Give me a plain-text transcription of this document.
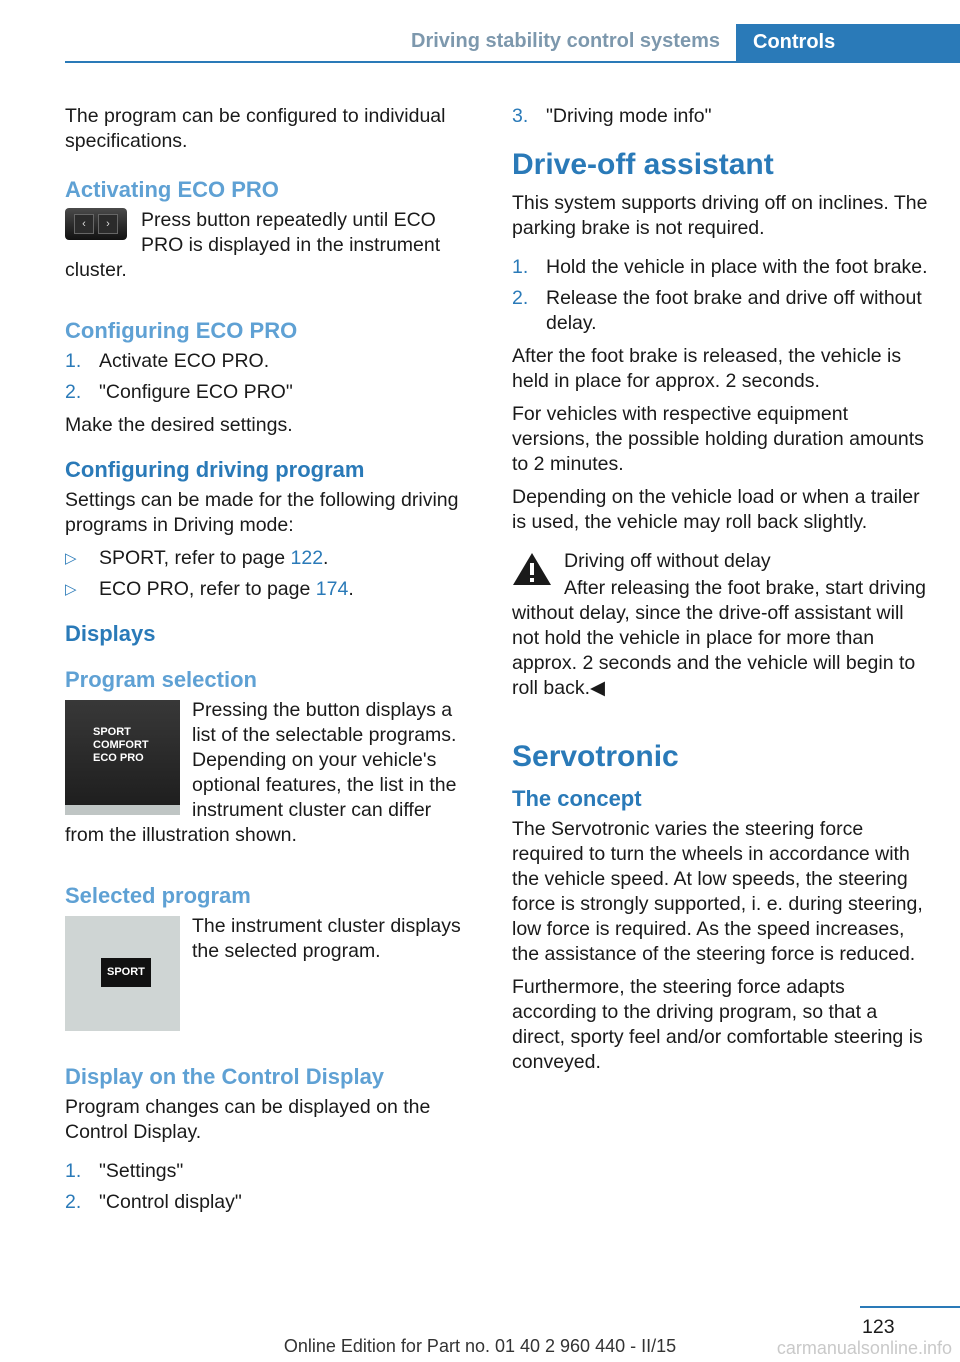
Driving stability control systems	Controls

The program can be configured to individual specifications.

Activating ECO PRO
‹	›	Press button repeatedly until ECO PRO is displayed in the instrument cluster.

Configuring ECO PRO
1. Activate ECO PRO.
2. "Configure ECO PRO"

Make the desired settings.

Configuring driving program

Settings can be made for the following driving programs in Driving mode:

▷ SPORT, refer to page 122.
▷ ECO PRO, refer to page 174.
Displays
Program selection
SPORT
COMFORT
ECO PRO

Pressing the button displays a list of the selectable programs. Depending on your vehicle's optional features, the list in the instrument cluster can differ from the illustration shown.

Selected program
SPORT

The instrument cluster displays the selected program.

Display on the Control Display

Program changes can be displayed on the Control Display.

1. "Settings"
2. "Control display"
3. "Driving mode info"
Drive-off assistant

This system supports driving off on inclines. The parking brake is not required.

1. Hold the vehicle in place with the foot brake.
2. Release the foot brake and drive off without delay.

After the foot brake is released, the vehicle is held in place for approx. 2 seconds.

For vehicles with respective equipment versions, the possible holding duration amounts to 2 minutes.

Depending on the vehicle load or when a trailer is used, the vehicle may roll back slightly.

Driving off without delay

After releasing the foot brake, start driving without delay, since the drive-off assistant will not hold the vehicle in place for more than approx. 2 seconds and the vehicle will begin to roll back.◀

Servotronic
The concept

The Servotronic varies the steering force required to turn the wheels in accordance with the vehicle speed. At low speeds, the steering force is strongly supported, i. e. during steering, low force is required. As the speed increases, the assistance of the steering force is reduced.

Furthermore, the steering force adapts according to the driving program, so that a direct, sporty feel and/or comfortable steering is conveyed.

123
Online Edition for Part no. 01 40 2 960 440 - II/15	carmanualsonline.info
